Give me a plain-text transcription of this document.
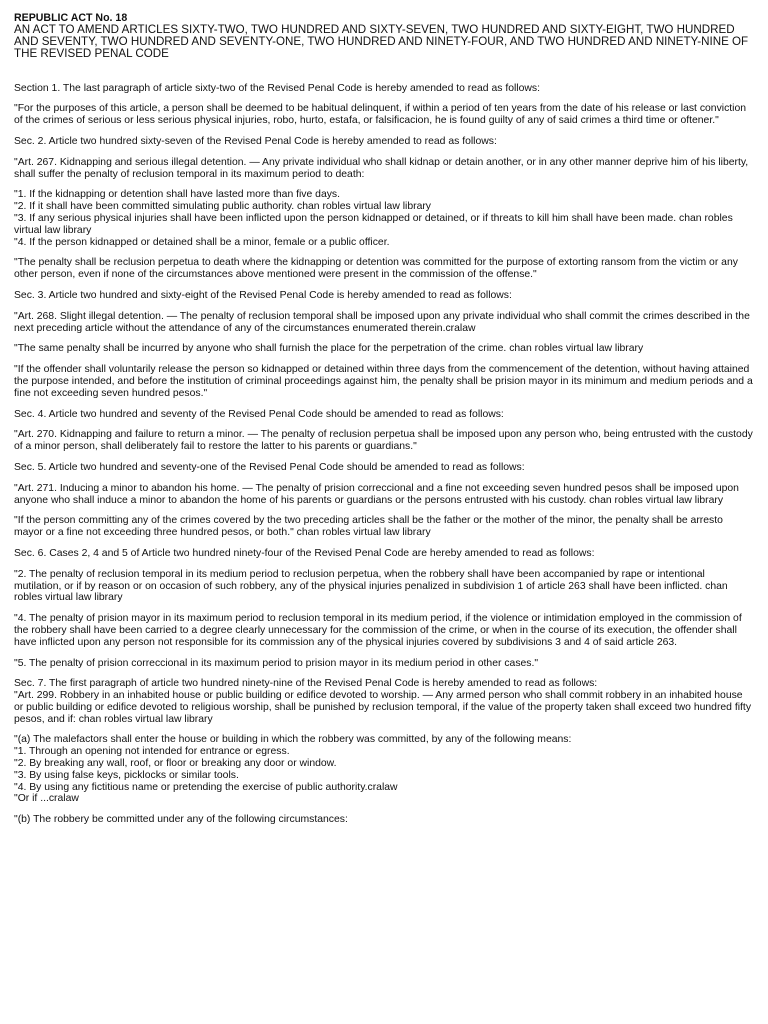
REPUBLIC ACT No. 18
AN ACT TO AMEND ARTICLES SIXTY-TWO, TWO HUNDRED AND SIXTY-SEVEN, TWO HUNDRED AND SIXTY-EIGHT, TWO HUNDRED AND SEVENTY, TWO HUNDRED AND SEVENTY-ONE, TWO HUNDRED AND NINETY-FOUR, AND TWO HUNDRED AND NINETY-NINE OF THE REVISED PENAL CODE

Section 1. The last paragraph of article sixty-two of the Revised Penal Code is hereby amended to read as follows:

"For the purposes of this article, a person shall be deemed to be habitual delinquent, if within a period of ten years from the date of his release or last conviction of the crimes of serious or less serious physical injuries, robo, hurto, estafa, or falsificacion, he is found guilty of any of said crimes a third time or oftener."

Sec. 2. Article two hundred sixty-seven of the Revised Penal Code is hereby amended to read as follows:

"Art. 267. Kidnapping and serious illegal detention. — Any private individual who shall kidnap or detain another, or in any other manner deprive him of his liberty, shall suffer the penalty of reclusion temporal in its maximum period to death:

"1. If the kidnapping or detention shall have lasted more than five days.

"2. If it shall have been committed simulating public authority. chan robles virtual law library

"3. If any serious physical injuries shall have been inflicted upon the person kidnapped or detained, or if threats to kill him shall have been made. chan robles virtual law library

"4. If the person kidnapped or detained shall be a minor, female or a public officer.

"The penalty shall be reclusion perpetua to death where the kidnapping or detention was committed for the purpose of extorting ransom from the victim or any other person, even if none of the circumstances above mentioned were present in the commission of the offense."

Sec. 3. Article two hundred and sixty-eight of the Revised Penal Code is hereby amended to read as follows:

"Art. 268. Slight illegal detention. — The penalty of reclusion temporal shall be imposed upon any private individual who shall commit the crimes described in the next preceding article without the attendance of any of the circumstances enumerated therein.cralaw

"The same penalty shall be incurred by anyone who shall furnish the place for the perpetration of the crime. chan robles virtual law library

"If the offender shall voluntarily release the person so kidnapped or detained within three days from the commencement of the detention, without having attained the purpose intended, and before the institution of criminal proceedings against him, the penalty shall be prision mayor in its minimum and medium periods and a fine not exceeding seven hundred pesos."

Sec. 4. Article two hundred and seventy of the Revised Penal Code should be amended to read as follows:

"Art. 270. Kidnapping and failure to return a minor. — The penalty of reclusion perpetua shall be imposed upon any person who, being entrusted with the custody of a minor person, shall deliberately fail to restore the latter to his parents or guardians."

Sec. 5. Article two hundred and seventy-one of the Revised Penal Code should be amended to read as follows:

"Art. 271. Inducing a minor to abandon his home. — The penalty of prision correccional and a fine not exceeding seven hundred pesos shall be imposed upon anyone who shall induce a minor to abandon the home of his parents or guardians or the persons entrusted with his custody. chan robles virtual law library

"If the person committing any of the crimes covered by the two preceding articles shall be the father or the mother of the minor, the penalty shall be arresto mayor or a fine not exceeding three hundred pesos, or both." chan robles virtual law library

Sec. 6. Cases 2, 4 and 5 of Article two hundred ninety-four of the Revised Penal Code are hereby amended to read as follows:

"2. The penalty of reclusion temporal in its medium period to reclusion perpetua, when the robbery shall have been accompanied by rape or intentional mutilation, or if by reason or on occasion of such robbery, any of the physical injuries penalized in subdivision 1 of article 263 shall have been inflicted. chan robles virtual law library

"4. The penalty of prision mayor in its maximum period to reclusion temporal in its medium period, if the violence or intimidation employed in the commission of the robbery shall have been carried to a degree clearly unnecessary for the commission of the crime, or when in the course of its execution, the offender shall have inflicted upon any person not responsible for its commission any of the physical injuries covered by subdivisions 3 and 4 of said article 263.

"5. The penalty of prision correccional in its maximum period to prision mayor in its medium period in other cases."

Sec. 7. The first paragraph of article two hundred ninety-nine of the Revised Penal Code is hereby amended to read as follows:

"Art. 299. Robbery in an inhabited house or public building or edifice devoted to worship. — Any armed person who shall commit robbery in an inhabited house or public building or edifice devoted to religious worship, shall be punished by reclusion temporal, if the value of the property taken shall exceed two hundred fifty pesos, and if: chan robles virtual law library

"(a) The malefactors shall enter the house or building in which the robbery was committed, by any of the following means:

"1. Through an opening not intended for entrance or egress.

"2. By breaking any wall, roof, or floor or breaking any door or window.

"3. By using false keys, picklocks or similar tools.

"4. By using any fictitious name or pretending the exercise of public authority.cralaw

"Or if ...cralaw

"(b) The robbery be committed under any of the following circumstances:
